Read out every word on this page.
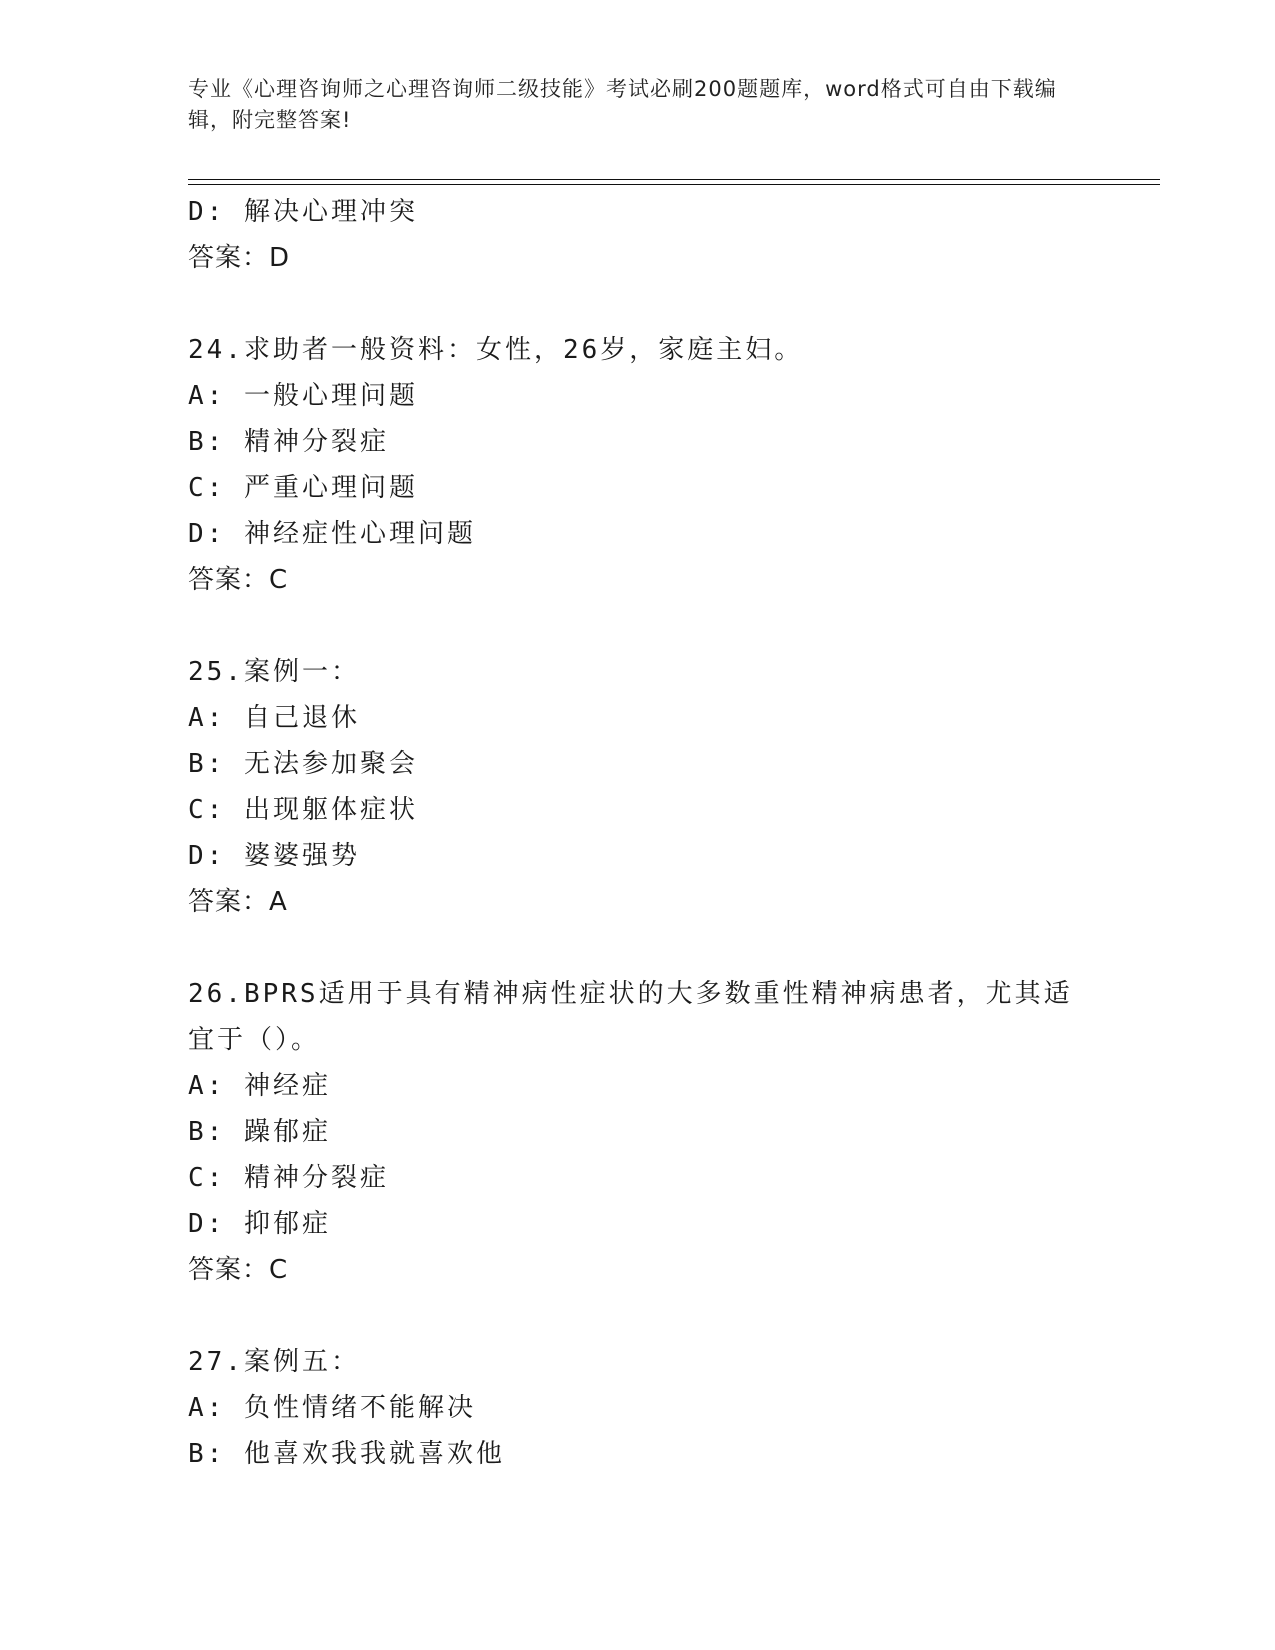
专业《心理咨询师之心理咨询师二级技能》考试必刷200题题库，word格式可自由下载编辑，附完整答案!
D: 解决心理冲突
答案：D
24.求助者一般资料：女性，26岁，家庭主妇。
A: 一般心理问题
B: 精神分裂症
C: 严重心理问题
D: 神经症性心理问题
答案：C
25.案例一：
A: 自己退休
B: 无法参加聚会
C: 出现躯体症状
D: 婆婆强势
答案：A
26.BPRS适用于具有精神病性症状的大多数重性精神病患者，尤其适宜于（）。
A: 神经症
B: 躁郁症
C: 精神分裂症
D: 抑郁症
答案：C
27.案例五：
A: 负性情绪不能解决
B: 他喜欢我我就喜欢他
